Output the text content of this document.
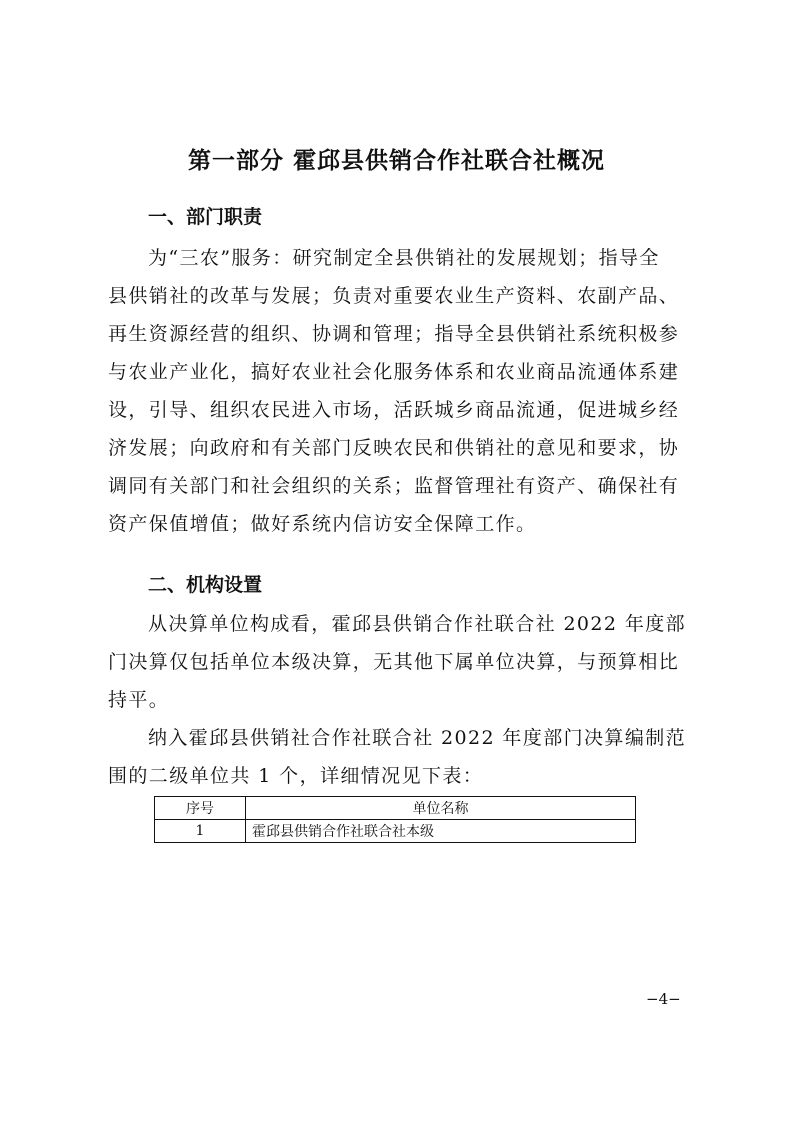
第一部分 霍邱县供销合作社联合社概况
一、部门职责
为“三农”服务：研究制定全县供销社的发展规划；指导全
县供销社的改革与发展；负责对重要农业生产资料、农副产品、
再生资源经营的组织、协调和管理；指导全县供销社系统积极参
与农业产业化，搞好农业社会化服务体系和农业商品流通体系建
设，引导、组织农民进入市场，活跃城乡商品流通，促进城乡经
济发展；向政府和有关部门反映农民和供销社的意见和要求，协
调同有关部门和社会组织的关系；监督管理社有资产、确保社有
资产保值增值；做好系统内信访安全保障工作。
二、机构设置
从决算单位构成看，霍邱县供销合作社联合社 2022 年度部
门决算仅包括单位本级决算，无其他下属单位决算，与预算相比
持平。
纳入霍邱县供销社合作社联合社 2022 年度部门决算编制范
围的二级单位共 1 个，详细情况见下表：
序号	单位名称
1	霍邱县供销合作社联合社本级
−4−
